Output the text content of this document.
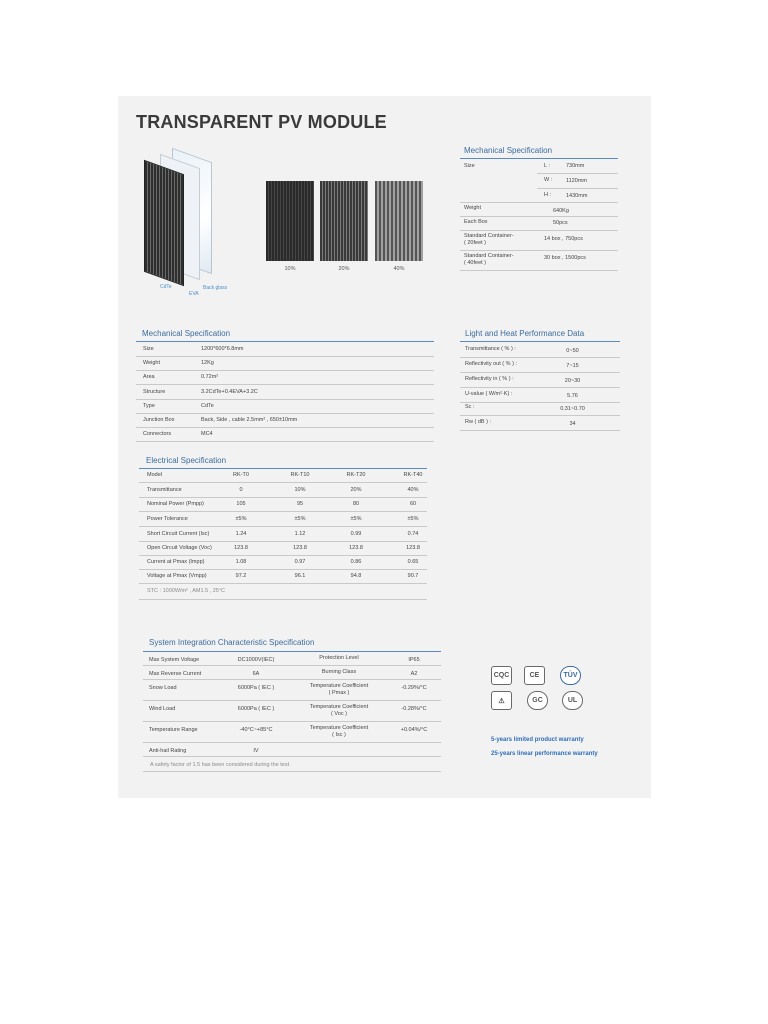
TRANSPARENT PV MODULE
CdTe
EVA
Back glass
10%	20%	40%
Mechanical Specification
Size	L :	730mm
W :	1120mm
H :	1430mm
Weight	640Kg
Each Box	50pcs
Standard Container-
( 20feet )
14 box , 750pcs
Standard Container-
( 40feet )
30 box , 1500pcs
Mechanical Specification	Light and Heat Performance Data
Electrical Specification
STC : 1000W/m² , AM1.5 , 25°C
System Integration Characteristic Specification
A safety factor of 1.5 has been considered during the test
CQC	CE	TÜV
⚠	GC	UL
5-years limited product warranty
25-years linear performance warranty
Size	1200*600*6.8mm
Weight	12Kg
Area	0.72m²
Structure	3.2CdTe+0.4EVA+3.2C
Type	CdTe
Junction Box	Back, Side , cable 2.5mm² , 650±10mm
Connectors	MC4
Transmittance ( % ) :	0~50
Reflectivity out ( % ) :	7~15
Reflectivity in ( % ) :	20~30
U-value ( W/m²·K) :	5.76
Sc :	0.31~0.70
Rw ( dB ) :	34
Model	RK-T0	RK-T10	RK-T20	RK-T40
Transmittance	0	10%	20%	40%
Nominal Power (Pmpp)	105	95	80	60
Power Tolerance	±5%	±5%	±5%	±5%
Short Circuit Current (Isc)	1.24	1.12	0.99	0.74
Open Circuit Voltage (Voc)	123.8	123.8	123.8	123.8
Current at Pmax (Impp)	1.08	0.97	0.86	0.65
Voltage at Pmax (Vmpp)	97.2	96.1	94.8	90.7
Max System Voltage	DC1000V(IEC)	Protection Level	IP65
Max Reverse Current	6A	Burning Class	A2
Snow Load	6000Pa ( IEC )	Temperature Coefficient
( Pmax )
-0.29%/°C
Wind Load	6000Pa ( IEC )	Temperature Coefficient
( Voc )
-0.28%/°C
Temperature Range	-40°C~+85°C	Temperature Coefficient
( Isc )
+0.04%/°C
Anti-hail Rating	IV
